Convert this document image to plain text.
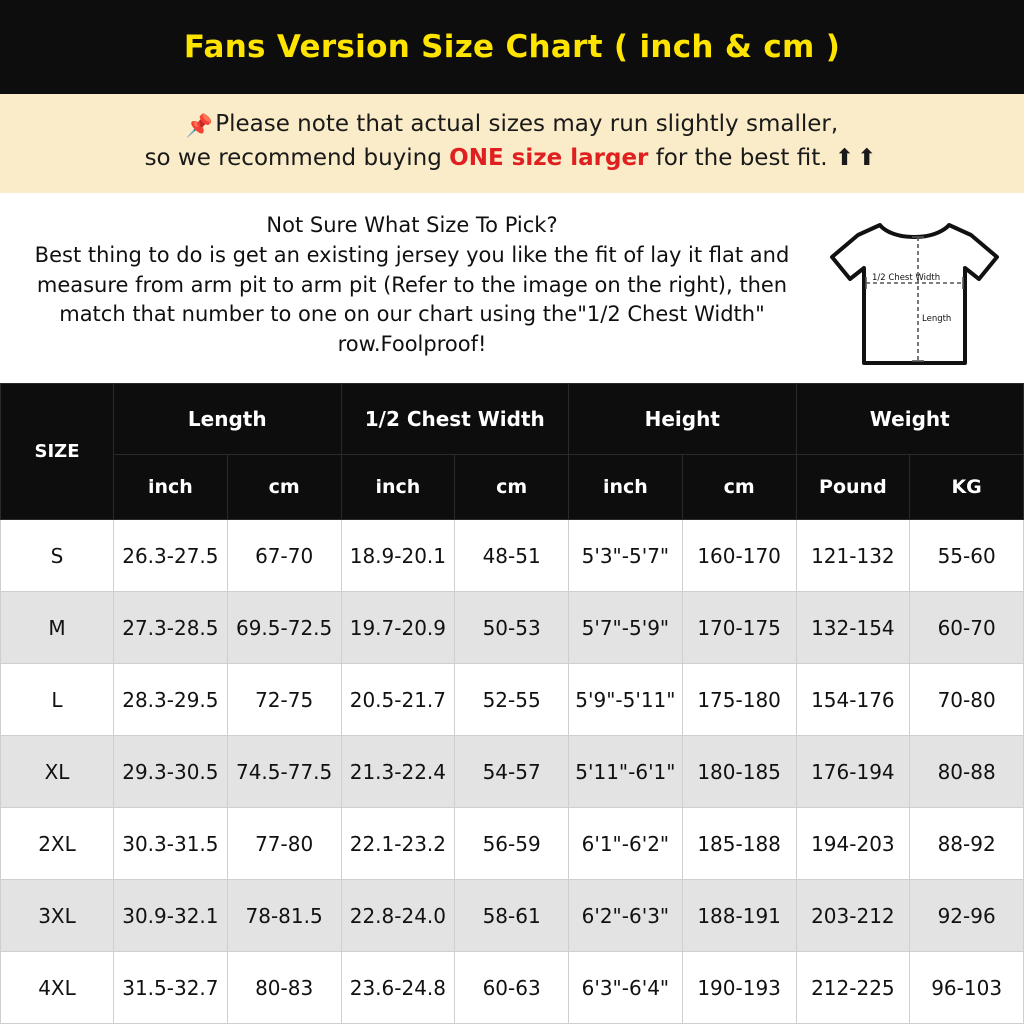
Fans Version Size Chart ( inch & cm )
📌Please note that actual sizes may run slightly smaller,
so we recommend buying ONE size larger for the best fit. ⬆⬆
Not Sure What Size To Pick?
Best thing to do is get an existing jersey you like the fit of lay it flat and measure from arm pit to arm pit (Refer to the image on the right), then match that number to one on our chart using the"1/2 Chest Width" row.Foolproof!
1/2 Chest Width
Length
SIZE	Length		1/2 Chest Width		Height		Weight	
	inch	cm	inch	cm	inch	cm	Pound	KG
S	26.3-27.5	67-70	18.9-20.1	48-51	5'3"-5'7"	160-170	121-132	55-60
M	27.3-28.5	69.5-72.5	19.7-20.9	50-53	5'7"-5'9"	170-175	132-154	60-70
L	28.3-29.5	72-75	20.5-21.7	52-55	5'9"-5'11"	175-180	154-176	70-80
XL	29.3-30.5	74.5-77.5	21.3-22.4	54-57	5'11"-6'1"	180-185	176-194	80-88
2XL	30.3-31.5	77-80	22.1-23.2	56-59	6'1"-6'2"	185-188	194-203	88-92
3XL	30.9-32.1	78-81.5	22.8-24.0	58-61	6'2"-6'3"	188-191	203-212	92-96
4XL	31.5-32.7	80-83	23.6-24.8	60-63	6'3"-6'4"	190-193	212-225	96-103
